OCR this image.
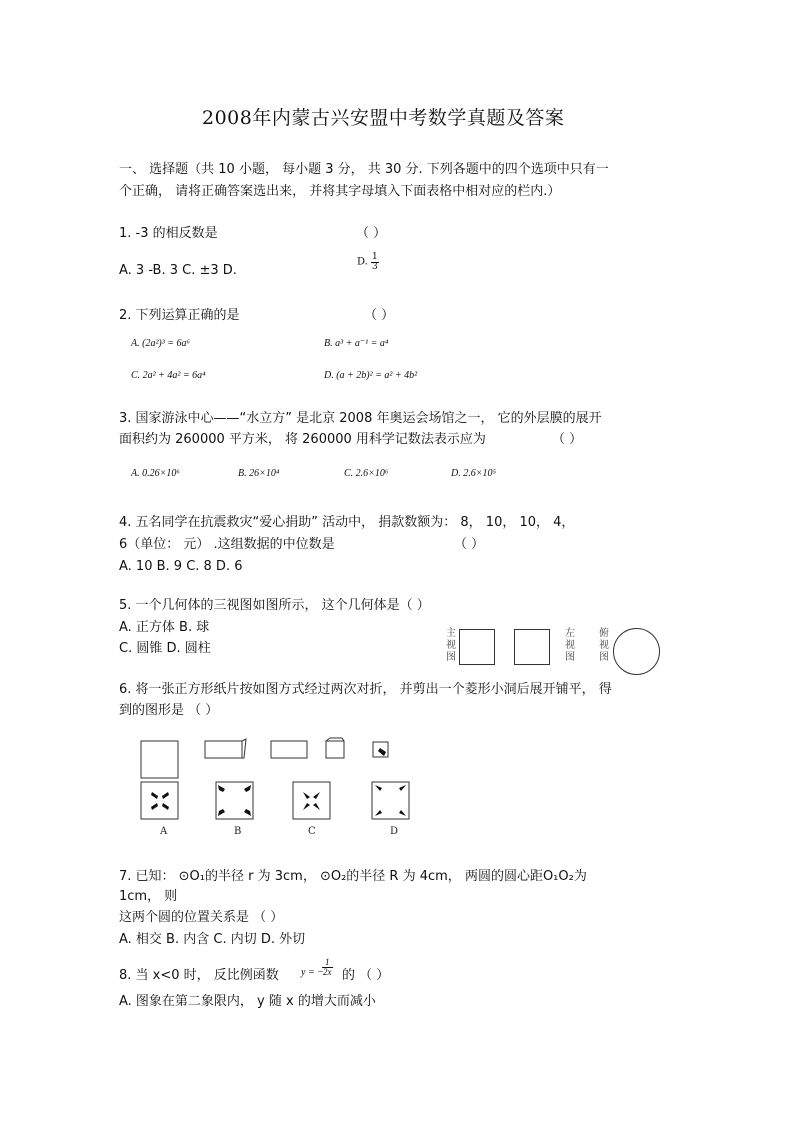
2008年内蒙古兴安盟中考数学真题及答案
一、 选择题（共 10 小题， 每小题 3 分， 共 30 分. 下列各题中的四个选项中只有一
个正确， 请将正确答案选出来， 并将其字母填入下面表格中相对应的栏内.）
1. -3 的相反数是	（ ）
A. 3 -B. 3 C. ±3 D.
D. $\frac{1}{3}$
2. 下列运算正确的是	（ ）
A. (2a²)³ = 6a⁶	B. a³ + a⁻¹ = a⁴
C. 2a² + 4a² = 6a⁴	D. (a + 2b)² = a² + 4b²
3. 国家游泳中心——“水立方” 是北京 2008 年奥运会场馆之一， 它的外层膜的展开
面积约为 260000 平方米， 将 260000 用科学记数法表示应为	（ ）
A. 0.26×10⁶	B. 26×10⁴	C. 2.6×10⁶	D. 2.6×10⁵
4. 五名同学在抗震救灾“爱心捐助” 活动中， 捐款数额为： 8， 10， 10， 4，
6（单位： 元） .这组数据的中位数是	（ ）
A. 10 B. 9 C. 8 D. 6
5. 一个几何体的三视图如图所示， 这个几何体是（ ）
A. 正方体 B. 球
C. 圆锥 D. 圆柱
主视图
左视图
俯视图
6. 将一张正方形纸片按如图方式经过两次对折， 并剪出一个菱形小洞后展开铺平， 得
到的图形是 （ ）
A	B	C	D
7. 已知： ⊙O₁的半径 r 为 3cm， ⊙O₂的半径 R 为 4cm， 两圆的圆心距O₁O₂为
1cm， 则
这两个圆的位置关系是 （ ）
A. 相交 B. 内含 C. 内切 D. 外切
8. 当 x<0 时， 反比例函数 y = −
$\frac{1}{2x}$ 的 （ ）
A. 图象在第二象限内， y 随 x 的增大而减小
